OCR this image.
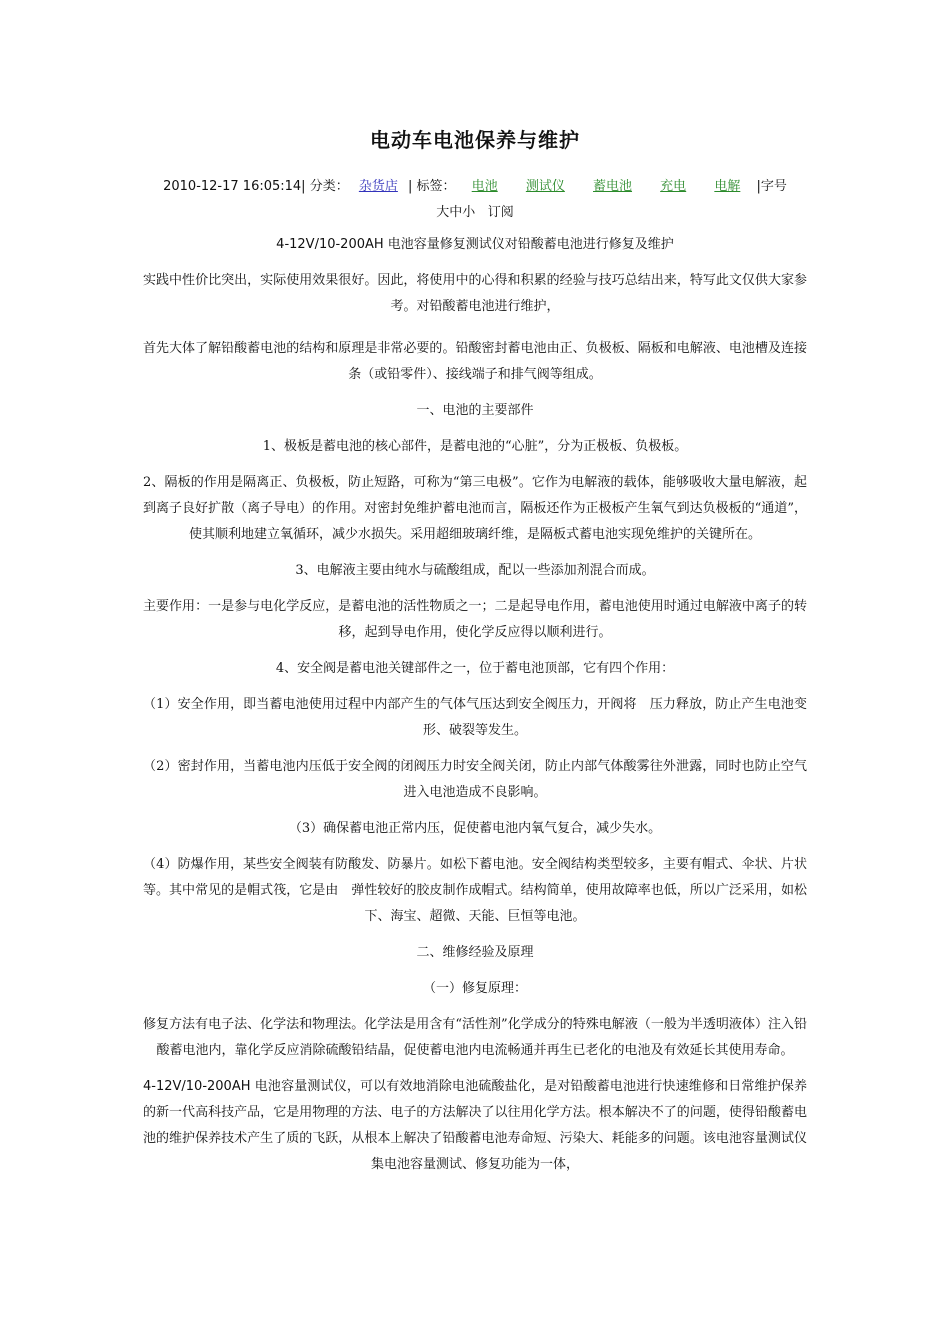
电动车电池保养与维护
2010-12-17 16:05:14| 分类： 杂货店 | 标签： 电池 测试仪 蓄电池 充电 电解 |字号
大中小 订阅

4-12V/10-200AH 电池容量修复测试仪对铅酸蓄电池进行修复及维护

实践中性价比突出，实际使用效果很好。因此，将使用中的心得和积累的经验与技巧总结出来，特写此文仅供大家参考。对铅酸蓄电池进行维护，

首先大体了解铅酸蓄电池的结构和原理是非常必要的。铅酸密封蓄电池由正、负极板、隔板和电解液、电池槽及连接条（或铅零件）、接线端子和排气阀等组成。

一、电池的主要部件

1、极板是蓄电池的核心部件，是蓄电池的“心脏”，分为正极板、负极板。

2、隔板的作用是隔离正、负极板，防止短路，可称为“第三电极”。它作为电解液的载体，能够吸收大量电解液，起到离子良好扩散（离子导电）的作用。对密封免维护蓄电池而言，隔板还作为正极板产生氧气到达负极板的“通道”，使其顺利地建立氧循环，减少水损失。采用超细玻璃纤维，是隔板式蓄电池实现免维护的关键所在。

3、电解液主要由纯水与硫酸组成，配以一些添加剂混合而成。

主要作用：一是参与电化学反应，是蓄电池的活性物质之一；二是起导电作用，蓄电池使用时通过电解液中离子的转移，起到导电作用，使化学反应得以顺利进行。

4、安全阀是蓄电池关键部件之一，位于蓄电池顶部，它有四个作用：

（1）安全作用，即当蓄电池使用过程中内部产生的气体气压达到安全阀压力，开阀将　压力释放，防止产生电池变形、破裂等发生。

（2）密封作用，当蓄电池内压低于安全阀的闭阀压力时安全阀关闭，防止内部气体酸雾往外泄露，同时也防止空气进入电池造成不良影响。

（3）确保蓄电池正常内压，促使蓄电池内氧气复合，减少失水。

（4）防爆作用，某些安全阀装有防酸发、防暴片。如松下蓄电池。安全阀结构类型较多，主要有帽式、伞状、片状等。其中常见的是帽式筏，它是由　弹性较好的胶皮制作成帽式。结构简单，使用故障率也低，所以广泛采用，如松下、海宝、超微、天能、巨恒等电池。

二、维修经验及原理

（一）修复原理：

修复方法有电子法、化学法和物理法。化学法是用含有“活性剂”化学成分的特殊电解液（一般为半透明液体）注入铅酸蓄电池内，靠化学反应消除硫酸铅结晶，促使蓄电池内电流畅通并再生已老化的电池及有效延长其使用寿命。

4-12V/10-200AH 电池容量测试仪，可以有效地消除电池硫酸盐化，是对铅酸蓄电池进行快速维修和日常维护保养的新一代高科技产品，它是用物理的方法、电子的方法解决了以往用化学方法。根本解决不了的问题，使得铅酸蓄电池的维护保养技术产生了质的飞跃，从根本上解决了铅酸蓄电池寿命短、污染大、耗能多的问题。该电池容量测试仪集电池容量测试、修复功能为一体，
